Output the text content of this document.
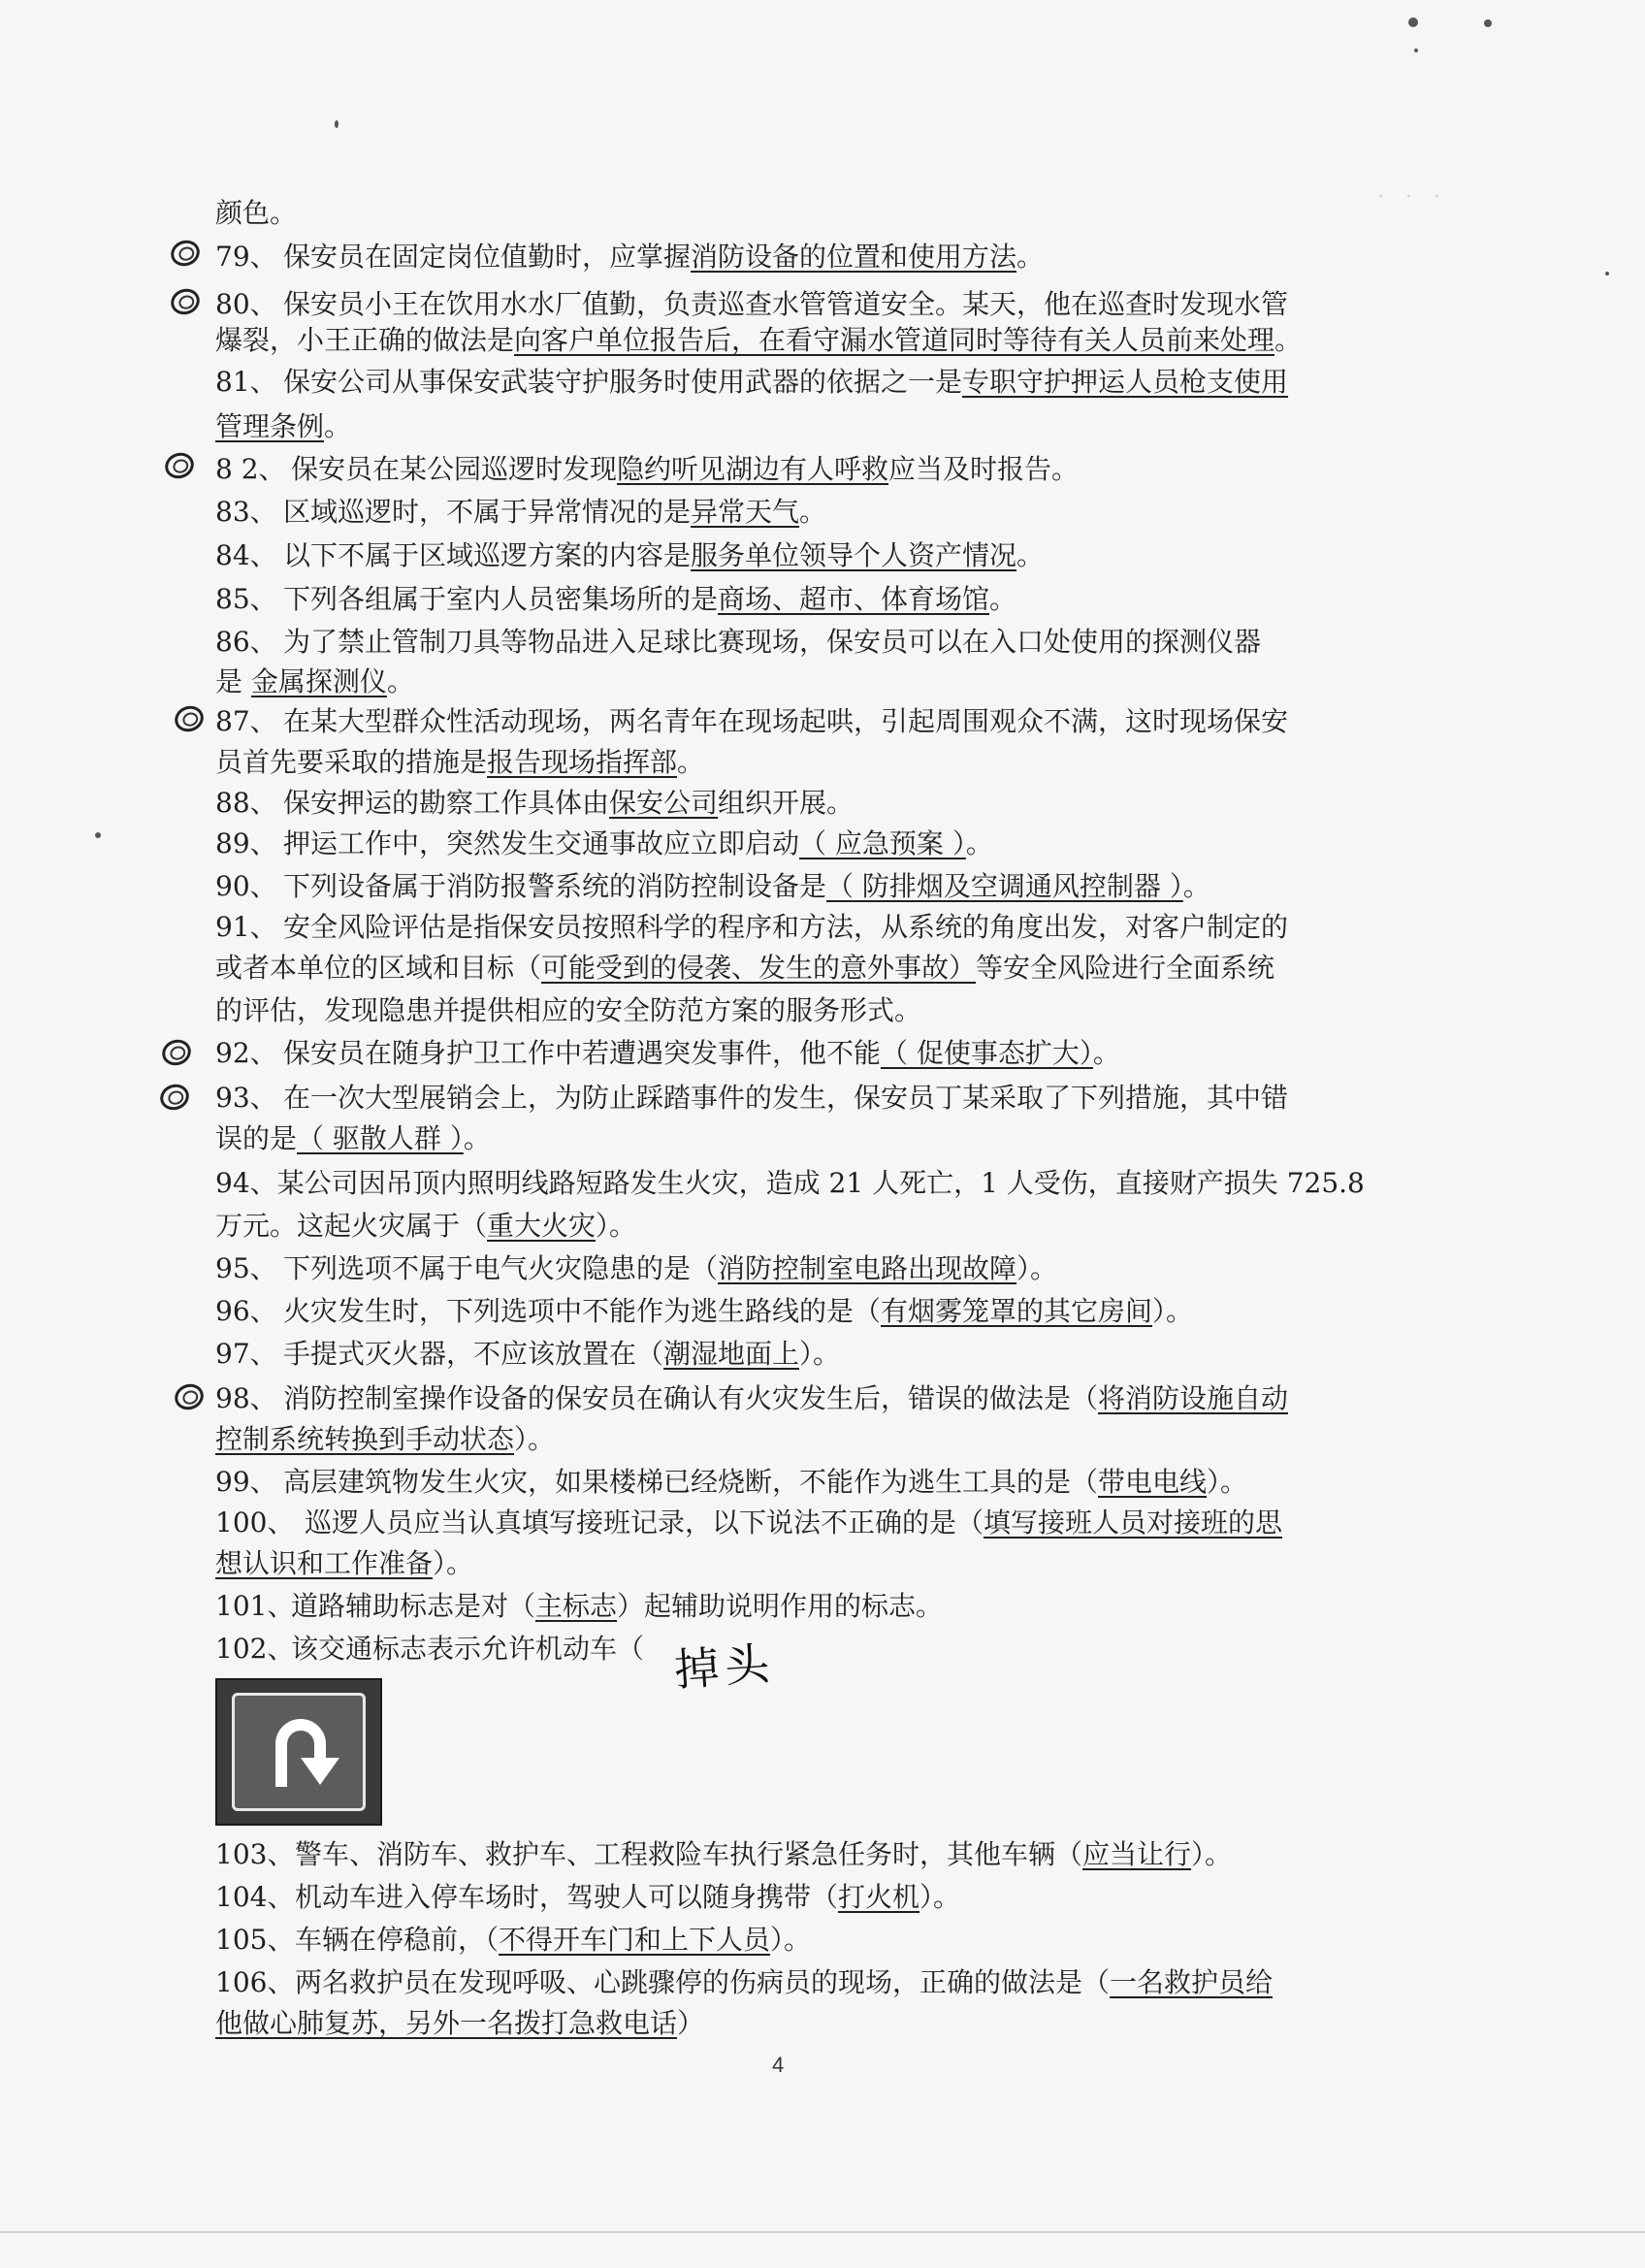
·　·　·
颜色。
79、 保安员在固定岗位值勤时，应掌握消防设备的位置和使用方法。
80、 保安员小王在饮用水水厂值勤，负责巡查水管管道安全。某天，他在巡查时发现水管
爆裂，小王正确的做法是向客户单位报告后，在看守漏水管道同时等待有关人员前来处理。
81、 保安公司从事保安武装守护服务时使用武器的依据之一是专职守护押运人员枪支使用
管理条例。
8 2、 保安员在某公园巡逻时发现隐约听见湖边有人呼救应当及时报告。
83、 区域巡逻时，不属于异常情况的是异常天气。
84、 以下不属于区域巡逻方案的内容是服务单位领导个人资产情况。
85、 下列各组属于室内人员密集场所的是商场、超市、体育场馆。
86、 为了禁止管制刀具等物品进入足球比赛现场，保安员可以在入口处使用的探测仪器
是 金属探测仪。
87、 在某大型群众性活动现场，两名青年在现场起哄，引起周围观众不满，这时现场保安
员首先要采取的措施是报告现场指挥部。
88、 保安押运的勘察工作具体由保安公司组织开展。
89、 押运工作中，突然发生交通事故应立即启动（ 应急预案 ）。
90、 下列设备属于消防报警系统的消防控制设备是（ 防排烟及空调通风控制器 ）。
91、 安全风险评估是指保安员按照科学的程序和方法，从系统的角度出发，对客户制定的
或者本单位的区域和目标（可能受到的侵袭、发生的意外事故）等安全风险进行全面系统
的评估，发现隐患并提供相应的安全防范方案的服务形式。
92、 保安员在随身护卫工作中若遭遇突发事件，他不能（ 促使事态扩大）。
93、 在一次大型展销会上，为防止踩踏事件的发生，保安员丁某采取了下列措施，其中错
误的是（ 驱散人群 ）。
94、某公司因吊顶内照明线路短路发生火灾，造成 21 人死亡，1 人受伤，直接财产损失 725.8
万元。这起火灾属于（重大火灾）。
95、 下列选项不属于电气火灾隐患的是（消防控制室电路出现故障）。
96、 火灾发生时，下列选项中不能作为逃生路线的是（有烟雾笼罩的其它房间）。
97、 手提式灭火器，不应该放置在（潮湿地面上）。
98、 消防控制室操作设备的保安员在确认有火灾发生后，错误的做法是（将消防设施自动
控制系统转换到手动状态）。
99、 高层建筑物发生火灾，如果楼梯已经烧断，不能作为逃生工具的是（带电电线）。
100、 巡逻人员应当认真填写接班记录，以下说法不正确的是（填写接班人员对接班的思
想认识和工作准备）。
101、
道路辅助标志是对（主标志）起辅助说明作用的标志。
102、
该交通标志表示允许机动车（ 掉头
103、 警车、消防车、救护车、工程救险车执行紧急任务时，其他车辆（应当让行）。
104、 机动车进入停车场时，驾驶人可以随身携带（打火机）。
105、 车辆在停稳前，（不得开车门和上下人员）。
106、 两名救护员在发现呼吸、心跳骤停的伤病员的现场，正确的做法是（一名救护员给
他做心肺复苏，另外一名拨打急救电话）
4
